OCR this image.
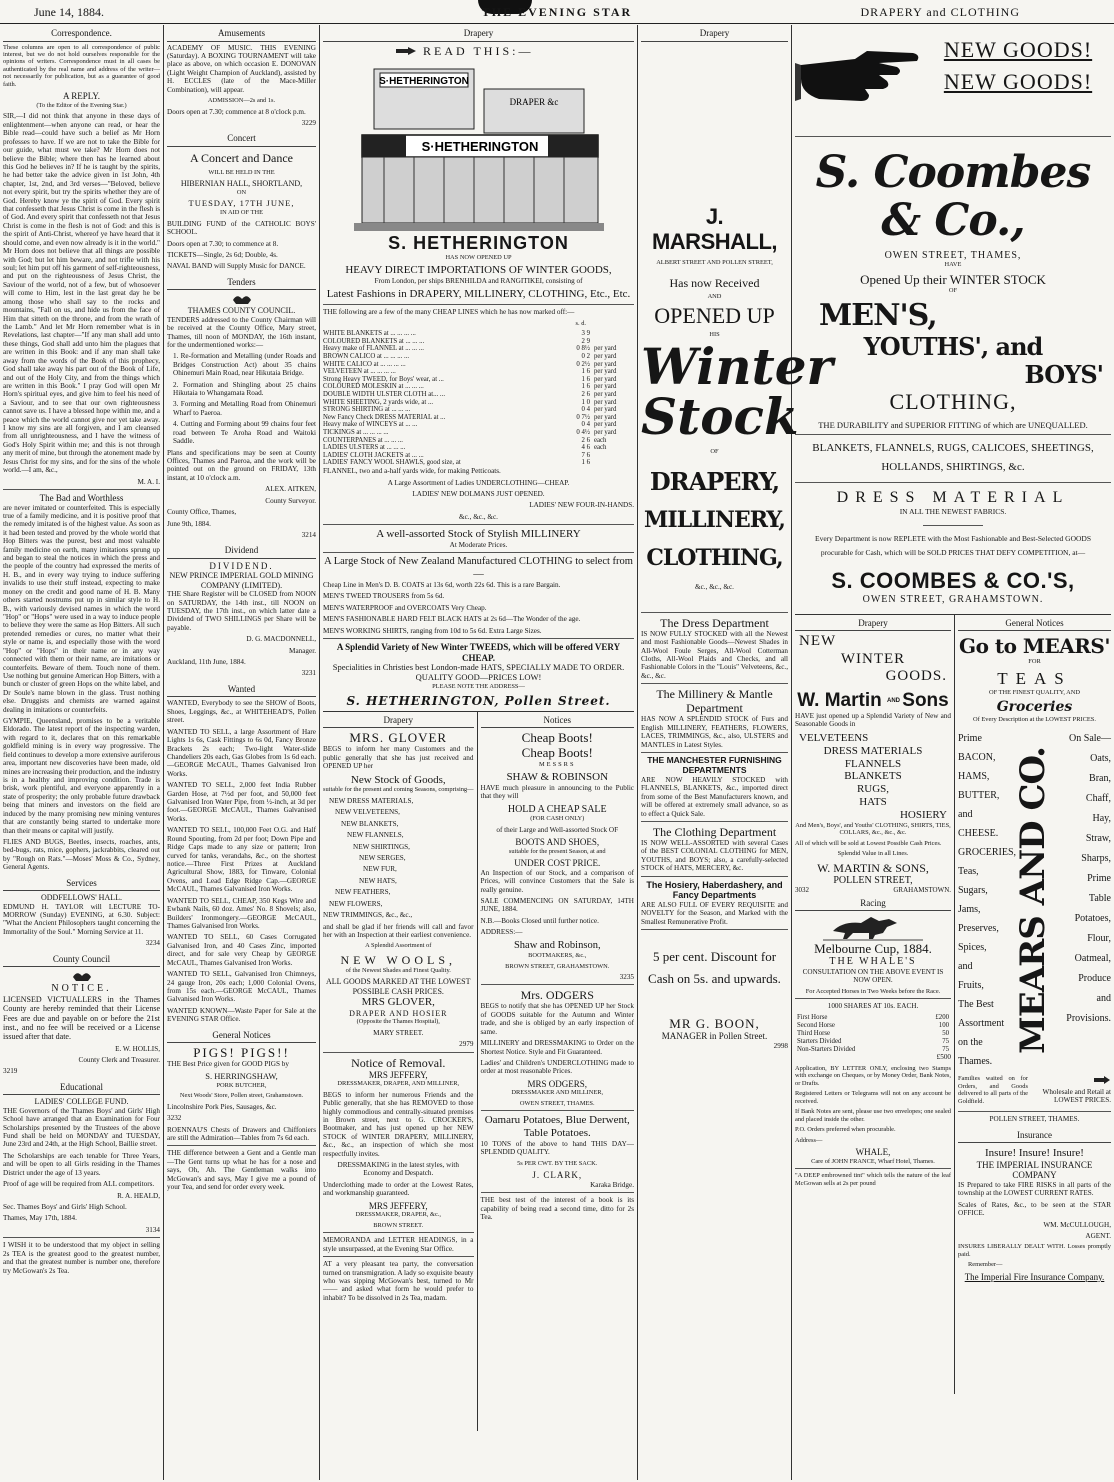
June 14, 1884.	THE EVENING STAR	DRAPERY and CLOTHING
Correspondence.

These columns are open to all correspondence of public interest, but we do not hold ourselves responsible for the opinions of writers. Correspondence must in all cases be authenticated by the real name and address of the writer—not necessarily for publication, but as a guarantee of good faith.

A REPLY.

(To the Editor of the Evening Star.)

SIR,—I did not think that anyone in these days of enlightenment—when anyone can read, or hear the Bible read—could have such a belief as Mr Horn professes to have. If we are not to take the Bible for our guide, what must we take? Mr Horn does not believe the Bible; where then has he learned about this God he believes in? If he is taught by the spirits, he had better take the advice given in 1st John, 4th chapter, 1st, 2nd, and 3rd verses—"Beloved, believe not every spirit, but try the spirits whether they are of God. Hereby know ye the spirit of God. Every spirit that confesseth that Jesus Christ is come in the flesh is of God. And every spirit that confesseth not that Jesus Christ is come in the flesh is not of God: and this is the spirit of Anti-Christ, whereof ye have heard that it should come, and even now already is it in the world." Mr Horn does not believe that all things are possible with God; but let him beware, and not trifle with his soul; let him put off his garment of self-righteousness, and put on the righteousness of Jesus Christ, the Saviour of the world, not of a few, but of whosoever will come to Him, lest in the last great day he be among those who shall say to the rocks and mountains, "Fall on us, and hide us from the face of Him that sitteth on the throne, and from the wrath of the Lamb." And let Mr Horn remember what is in Revelations, last chapter—"If any man shall add unto these things, God shall add unto him the plagues that are written in this Book: and if any man shall take away from the words of the Book of this prophecy, God shall take away his part out of the Book of Life, and out of the Holy City, and from the things which are written in this Book." I pray God will open Mr Horn's spiritual eyes, and give him to feel his need of a Saviour, and to see that our own righteousness cannot save us. I have a blessed hope within me, and a peace which the world cannot give nor yet take away. I know my sins are all forgiven, and I am cleansed from all unrighteousness, and I have the witness of God's Holy Spirit within me; and this is not through any merit of mine, but through the atonement made by Jesus Christ for my sins, and for the sins of the whole world.—I am, &c.,

M. A. I.

The Bad and Worthless

are never imitated or counterfeited. This is especially true of a family medicine, and it is positive proof that the remedy imitated is of the highest value. As soon as it had been tested and proved by the whole world that Hop Bitters was the purest, best and most valuable family medicine on earth, many imitations sprung up and began to steal the notices in which the press and the people of the country had expressed the merits of H. B., and in every way trying to induce suffering invalids to use their stuff instead, expecting to make money on the credit and good name of H. B. Many others started nostrums put up in similar style to H. B., with variously devised names in which the word "Hop" or "Hops" were used in a way to induce people to believe they were the same as Hop Bitters. All such pretended remedies or cures, no matter what their style or name is, and especially those with the word "Hop" or "Hops" in their name or in any way connected with them or their name, are imitations or counterfeits. Beware of them. Touch none of them. Use nothing but genuine American Hop Bitters, with a bunch or cluster of green Hops on the white label, and Dr Soule's name blown in the glass. Trust nothing else. Druggists and chemists are warned against dealing in imitations or counterfeits.

GYMPIE, Queensland, promises to be a veritable Eldorado. The latest report of the inspecting warden, with regard to it, declares that on this remarkable goldfield mining is in every way progressive. The field continues to develop a more extensive auriferous area, important new discoveries have been made, old mines are increasing their production, and the industry is in a healthy and improving condition. Trade is brisk, work plentiful, and everyone apparently in a state of prosperity; the only probable future drawback being that miners and investors on the field are induced by the many promising new mining ventures that are constantly being started to undertake more than their means or capital will justify.

FLIES AND BUGS, Beetles, insects, roaches, ants, bed-bugs, rats, mice, gophers, jackrabbits, cleared out by "Rough on Rats."—Moses' Moss & Co., Sydney, General Agents.

Services

ODDFELLOWS' HALL.

EDMUND H. TAYLOR will LECTURE TO-MORROW (Sunday) EVENING, at 6.30. Subject: "What the Ancient Philosophers taught concerning the Immortality of the Soul." Morning Service at 11.

3234

County Council

NOTICE.

LICENSED VICTUALLERS in the Thames County are hereby reminded that their License Fees are due and payable on or before the 21st inst., and no fee will be received or a License issued after that date.

E. W. HOLLIS,

County Clerk and Treasurer.

3219

Educational

LADIES' COLLEGE FUND.

THE Governors of the Thames Boys' and Girls' High School have arranged that an Examination for Four Scholarships presented by the Trustees of the above Fund shall be held on MONDAY and TUESDAY, June 23rd and 24th, at the High School, Baillie street.

The Scholarships are each tenable for Three Years, and will be open to all Girls residing in the Thames District under the age of 13 years.

Proof of age will be required from ALL competitors.

R. A. HEALD,

Sec. Thames Boys' and Girls' High School.

Thames, May 17th, 1884.

3134

I WISH it to be understood that my object in selling 2s TEA is the greatest good to the greatest number, and that the greatest number is number one, therefore try McGowan's 2s Tea.

Amusements

ACADEMY OF MUSIC. THIS EVENING (Saturday). A BOXING TOURNAMENT will take place as above, on which occasion E. DONOVAN (Light Weight Champion of Auckland), assisted by H. ECCLES (late of the Mace-Miller Combination), will appear.

ADMISSION—2s and 1s.

Doors open at 7.30; commence at 8 o'clock p.m.

3229

Concert

A Concert and Dance

WILL BE HELD IN THE

HIBERNIAN HALL, SHORTLAND,

ON

TUESDAY, 17TH JUNE,

IN AID OF THE

BUILDING FUND of the CATHOLIC BOYS' SCHOOL.

Doors open at 7.30; to commence at 8.

TICKETS—Single, 2s 6d; Double, 4s.

NAVAL BAND will Supply Music for DANCE.

Tenders

THAMES COUNTY COUNCIL.

TENDERS addressed to the County Chairman will be received at the County Office, Mary street, Thames, till noon of MONDAY, the 16th instant, for the undermentioned works:—

1. Re-formation and Metalling (under Roads and Bridges Construction Act) about 35 chains Ohinemuri Main Road, near Hikutaia Bridge.

2. Formation and Shingling about 25 chains Hikutaia to Whangamata Road.

3. Forming and Metalling Road from Ohinemuri Wharf to Paeroa.

4. Cutting and Forming about 99 chains four feet road between Te Aroha Road and Waitoki Saddle.

Plans and specifications may be seen at County Offices, Thames and Paeroa, and the work will be pointed out on the ground on FRIDAY, 13th instant, at 10 o'clock a.m.

ALEX. AITKEN,

County Surveyor.

County Office, Thames,

June 9th, 1884.

3214

Dividend

DIVIDEND.

NEW PRINCE IMPERIAL GOLD MINING COMPANY (LIMITED).

THE Share Register will be CLOSED from NOON on SATURDAY, the 14th inst., till NOON on TUESDAY, the 17th inst., on which latter date a Dividend of TWO SHILLINGS per Share will be payable.

D. G. MACDONNELL,

Manager.

Auckland, 11th June, 1884.

3231

Wanted

WANTED, Everybody to see the SHOW of Boots, Shoes, Leggings, &c., at WHITEHEAD'S, Pollen street.

WANTED TO SELL, a large Assortment of Hare Lights 1s 6s, Cask Fittings to 6s 0d, Fancy Bronze Brackets 2s each; Two-light Water-slide Chandeliers 20s each, Gas Globes from 1s 6d each.—GEORGE McCAUL, Thames Galvanised Iron Works.

WANTED TO SELL, 2,000 feet India Rubber Garden Hose, at 7½d per foot, and 50,000 feet Galvanised Iron Water Pipe, from ½-inch, at 3d per foot.—GEORGE McCAUL, Thames Galvanised Works.

WANTED TO SELL, 100,000 Feet O.G. and Half Round Spouting, from 2d per foot; Down Pipe and Ridge Caps made to any size or pattern; Iron curved for tanks, verandahs, &c., on the shortest notice.—Three First Prizes at Auckland Agricultural Show, 1883, for Tinware, Colonial Ovens, and Lead Edge Ridge Cap.—GEORGE McCAUL, Thames Galvanised Iron Works.

WANTED TO SELL, CHEAP, 350 Kegs Wire and Ewbank Nails, 60 doz. Ames' No. 8 Shovels; also, Builders' Ironmongery.—GEORGE McCAUL, Thames Galvanised Iron Works.

WANTED TO SELL, 60 Cases Corrugated Galvanised Iron, and 40 Cases Zinc, imported direct, and for sale very Cheap by GEORGE McCAUL, Thames Galvanised Iron Works.

WANTED TO SELL, Galvanised Iron Chimneys, 24 gauge Iron, 20s each; 1,000 Colonial Ovens, from 15s each.—GEORGE McCAUL, Thames Galvanised Iron Works.

WANTED KNOWN—Waste Paper for Sale at the EVENING STAR Office.

General Notices

PIGS! PIGS!!

THE Best Price given for GOOD PIGS by

S. HERRINGSHAW,

PORK BUTCHER,

Next Woods' Store, Pollen street, Grahamstown.

Lincolnshire Pork Pies, Sausages, &c.

3232

ROENNAU'S Chests of Drawers and Chiffoniers are still the Admiration—Tables from 7s 6d each.

THE difference between a Gent and a Gentle man—The Gent turns up what he has for a nose and says, Oh, Ah. The Gentleman walks into McGowan's and says, May I give me a pound of your Tea, and send for order every week.

Drapery
READ THIS:—
S·HETHERINGTON
DRAPER &c
S·HETHERINGTON

S. HETHERINGTON

HAS NOW OPENED UP

HEAVY DIRECT IMPORTATIONS OF WINTER GOODS,

From London, per ships BRENHILDA and RANGITIKEI, consisting of

Latest Fashions in DRAPERY, MILLINERY, CLOTHING, Etc., Etc.

THE following are a few of the many CHEAP LINES which he has now marked off:—

s. d.

WHITE BLANKETS at ... ... ... ...	3 9
COLOURED BLANKETS at ... ... ...	2 9
Heavy make of FLANNEL at ... ... ...	0 8½ per yard
BROWN CALICO at ... ... ... ...	0 2 per yard
WHITE CALICO at ... ... ... ...	0 2½ per yard
VELVETEEN at ... ... ... ...	1 6 per yard
Strong Heavy TWEED, for Boys' wear, at ...	1 6 per yard
COLOURED MOLESKIN at ... ... ...	1 6 per yard
DOUBLE WIDTH ULSTER CLOTH at... ...	2 6 per yard
WHITE SHEETING, 2 yards wide, at ...	1 0 per yard
STRONG SHIRTING at ... ... ...	0 4 per yard
New Fancy Check DRESS MATERIAL at ...	0 7½ per yard
Heavy make of WINCEYS at ... ...	0 4 per yard
TICKINGS at ... ... ... ...	0 4½ per yard
COUNTERPANES at ... ... ...	2 6 each
LADIES ULSTERS at ... ... ...	4 6 each
LADIES' CLOTH JACKETS at ... ...	7 6
LADIES' FANCY WOOL SHAWLS, good size, at	1 6

FLANNEL, two and a-half yards wide, for making Petticoats.

A Large Assortment of Ladies UNDERCLOTHING—CHEAP.

LADIES' NEW DOLMANS JUST OPENED.

LADIES' NEW FOUR-IN-HANDS.

&c., &c., &c.

A well-assorted Stock of Stylish MILLINERY

At Moderate Prices.

A Large Stock of New Zealand Manufactured CLOTHING to select from—

Cheap Line in Men's D. B. COATS at 13s 6d, worth 22s 6d. This is a rare Bargain.

MEN'S TWEED TROUSERS from 5s 6d.

MEN'S WATERPROOF and OVERCOATS Very Cheap.

MEN'S FASHIONABLE HARD FELT BLACK HATS at 2s 6d—The Wonder of the age.

MEN'S WORKING SHIRTS, ranging from 10d to 5s 6d. Extra Large Sizes.

A Splendid Variety of New Winter TWEEDS, which will be offered VERY CHEAP.

Specialities in Christies best London-made HATS, SPECIALLY MADE TO ORDER. QUALITY GOOD—PRICES LOW!

PLEASE NOTE THE ADDRESS—

S. HETHERINGTON, Pollen Street.

Drapery

MRS. GLOVER

BEGS to inform her many Customers and the public generally that she has just received and OPENED UP her

New Stock of Goods,

suitable for the present and coming Seasons, comprising—

NEW DRESS MATERIALS,

NEW VELVETEENS,

NEW BLANKETS,

NEW FLANNELS,

NEW SHIRTINGS,

NEW SERGES,

NEW FUR,

NEW HATS,

NEW FEATHERS,

NEW FLOWERS,

NEW TRIMMINGS, &c., &c.,

and shall be glad if her friends will call and favor her with an Inspection at their earliest convenience.

A Splendid Assortment of

NEW WOOLS,

of the Newest Shades and Finest Quality.

ALL GOODS MARKED AT THE LOWEST POSSIBLE CASH PRICES.

MRS GLOVER,

DRAPER AND HOSIER

(Opposite the Thames Hospital),

MARY STREET.

2979

Notice of Removal.

MRS JEFFERY,

DRESSMAKER, DRAPER, AND MILLINER,

BEGS to inform her numerous Friends and the Public generally, that she has REMOVED to those highly commodious and centrally-situated premises in Brown street, next to G. CROCKER'S, Bootmaker, and has just opened up her NEW STOCK of WINTER DRAPERY, MILLINERY, &c., &c., an inspection of which she most respectfully invites.

DRESSMAKING in the latest styles, with Economy and Despatch.

Underclothing made to order at the Lowest Rates, and workmanship guaranteed.

MRS JEFFERY,

DRESSMAKER, DRAPER, &c.,

BROWN STREET.

MEMORANDA and LETTER HEADINGS, in a style unsurpassed, at the Evening Star Office.

AT a very pleasant tea party, the conversation turned on transmigration. A lady so exquisite beauty who was sipping McGowan's best, turned to Mr —— and asked what form he would prefer to inhabit? To be dissolved in 2s Tea, madam.

Notices

Cheap Boots!

Cheap Boots!

MESSRS

SHAW & ROBINSON

HAVE much pleasure in announcing to the Public that they will

HOLD A CHEAP SALE

(FOR CASH ONLY)

of their Large and Well-assorted Stock OF

BOOTS AND SHOES,

suitable for the present Season, at and

UNDER COST PRICE.

An Inspection of our Stock, and a comparison of Prices, will convince Customers that the Sale is really genuine.

SALE COMMENCING ON SATURDAY, 14TH JUNE, 1884.

N.B.—Books Closed until further notice.

ADDRESS:—

Shaw and Robinson,

BOOTMAKERS, &c.,

BROWN STREET, GRAHAMSTOWN.

3235

Mrs. ODGERS

BEGS to notify that she has OPENED UP her Stock of GOODS suitable for the Autumn and Winter trade, and she is obliged by an early inspection of same.

MILLINERY and DRESSMAKING to Order on the Shortest Notice. Style and Fit Guaranteed.

Ladies' and Children's UNDERCLOTHING made to order at most reasonable Prices.

MRS ODGERS,

DRESSMAKER AND MILLINER,

OWEN STREET, THAMES.

Oamaru Potatoes, Blue Derwent, Table Potatoes.

10 TONS of the above to hand THIS DAY—SPLENDID QUALITY.

5s PER CWT. BY THE SACK.

J. CLARK,

Karaka Bridge.

THE best test of the interest of a book is its capability of being read a second time, ditto for 2s Tea.

Drapery

J. MARSHALL,

ALBERT STREET AND POLLEN STREET,

Has now Received

AND

OPENED UP

HIS

Winter

Stock

OF

DRAPERY,

MILLINERY,

CLOTHING,

&c., &c., &c.

The Dress Department

IS NOW FULLY STOCKED with all the Newest and most Fashionable Goods—Newest Shades in All-Wool Foule Serges, All-Wool Cotterman Cloths, All-Wool Plaids and Checks, and all Fashionable Colors in the "Louis" Velveteens, &c., &c., &c.

The Millinery & Mantle Department

HAS NOW A SPLENDID STOCK of Furs and English MILLINERY, FEATHERS, FLOWERS, LACES, TRIMMINGS, &c., also, ULSTERS and MANTLES in Latest Styles.

THE MANCHESTER FURNISHING DEPARTMENTS

ARE NOW HEAVILY STOCKED with FLANNELS, BLANKETS, &c., imported direct from some of the Best Manufacturers known, and will be offered at extremely small advance, so as to effect a Quick Sale.

The Clothing Department

IS NOW WELL-ASSORTED with several Cases of the BEST COLONIAL CLOTHING for MEN, YOUTHS, and BOYS; also, a carefully-selected STOCK of HATS, MERCERY, &c.

The Hosiery, Haberdashery, and Fancy Departments

ARE ALSO FULL OF EVERY REQUISITE and NOVELTY for the Season, and Marked with the Smallest Remunerative Profit.

5 per cent. Discount for Cash on 5s. and upwards.

MR G. BOON,

MANAGER in Pollen Street.

2998

NEW GOODS!

NEW GOODS!

S. Coombes & Co.,

OWEN STREET, THAMES,

HAVE

Opened Up their WINTER STOCK

OF

MEN'S,

YOUTHS', and

BOYS'

CLOTHING,

THE DURABILITY and SUPERIOR FITTING of which are UNEQUALLED.

BLANKETS, FLANNELS, RUGS, CALICOES, SHEETINGS, HOLLANDS, SHIRTINGS, &c.

DRESS MATERIAL

IN ALL THE NEWEST FABRICS.

Every Department is now REPLETE with the Most Fashionable and Best-Selected GOODS procurable for Cash, which will be SOLD PRICES THAT DEFY COMPETITION, at—

S. COOMBES & CO.'S,

OWEN STREET, GRAHAMSTOWN.

Drapery

NEW

WINTER

GOODS.

W. Martin AND Sons

HAVE just opened up a Splendid Variety of New and Seasonable Goods in

VELVETEENS

DRESS MATERIALS

FLANNELS

BLANKETS

RUGS,

HATS

HOSIERY

And Men's, Boys', and Youths' CLOTHING, SHIRTS, TIES, COLLARS, &c., &c., &c.

All of which will be sold at Lowest Possible Cash Prices.

Splendid Value in all Lines.

W. MARTIN & SONS,

POLLEN STREET,

3032	GRAHAMSTOWN.
Racing

Melbourne Cup, 1884.

THE WHALE'S

CONSULTATION ON THE ABOVE EVENT IS NOW OPEN.

For Accepted Horses in Two Weeks before the Race.

1000 SHARES AT 10s. EACH.

First Horse	£200
Second Horse	100
Third Horse	50
Starters Divided	75
Non-Starters Divided	75

£500

Application, BY LETTER ONLY, enclosing two Stamps with exchange on Cheques, or by Money Order, Bank Notes, or Drafts.

Registered Letters or Telegrams will not on any account be received.

If Bank Notes are sent, please use two envelopes; one sealed and placed inside the other.

P.O. Orders preferred when procurable.

Address—

WHALE,

Care of JOHN FRANCE, Wharf Hotel, Thames.

"A DEEP embrowned tint" which tells the nature of the leaf McGowan sells at 2s per pound

General Notices

Go to MEARS'

FOR

TEAS

OF THE FINEST QUALITY, AND

Groceries

Of Every Description at the LOWEST PRICES.

Prime
BACON,
HAMS,
BUTTER,
and
CHEESE.
GROCERIES,
Teas,
Sugars,
Jams,
Preserves,
Spices,
and
Fruits,
The Best Assortment on the Thames.
MEARS AND CO.
On Sale—
Oats,
Bran,
Chaff,
Hay,
Straw,
Sharps,
Prime
Table
Potatoes,
Flour,
Oatmeal,
Produce
and
Provisions.

Families waited on for Orders, and Goods delivered to all parts of the Goldfield.

Wholesale and Retail at LOWEST PRICES.

POLLEN STREET, THAMES.

Insurance

Insure! Insure! Insure!

THE IMPERIAL INSURANCE COMPANY

IS Prepared to take FIRE RISKS in all parts of the township at the LOWEST CURRENT RATES.

Scales of Rates, &c., to be seen at the STAR OFFICE.

WM. McCULLOUGH,

AGENT.

INSURES LIBERALLY DEALT WITH. Losses promptly paid.

Remember—

The Imperial Fire Insurance Company.
